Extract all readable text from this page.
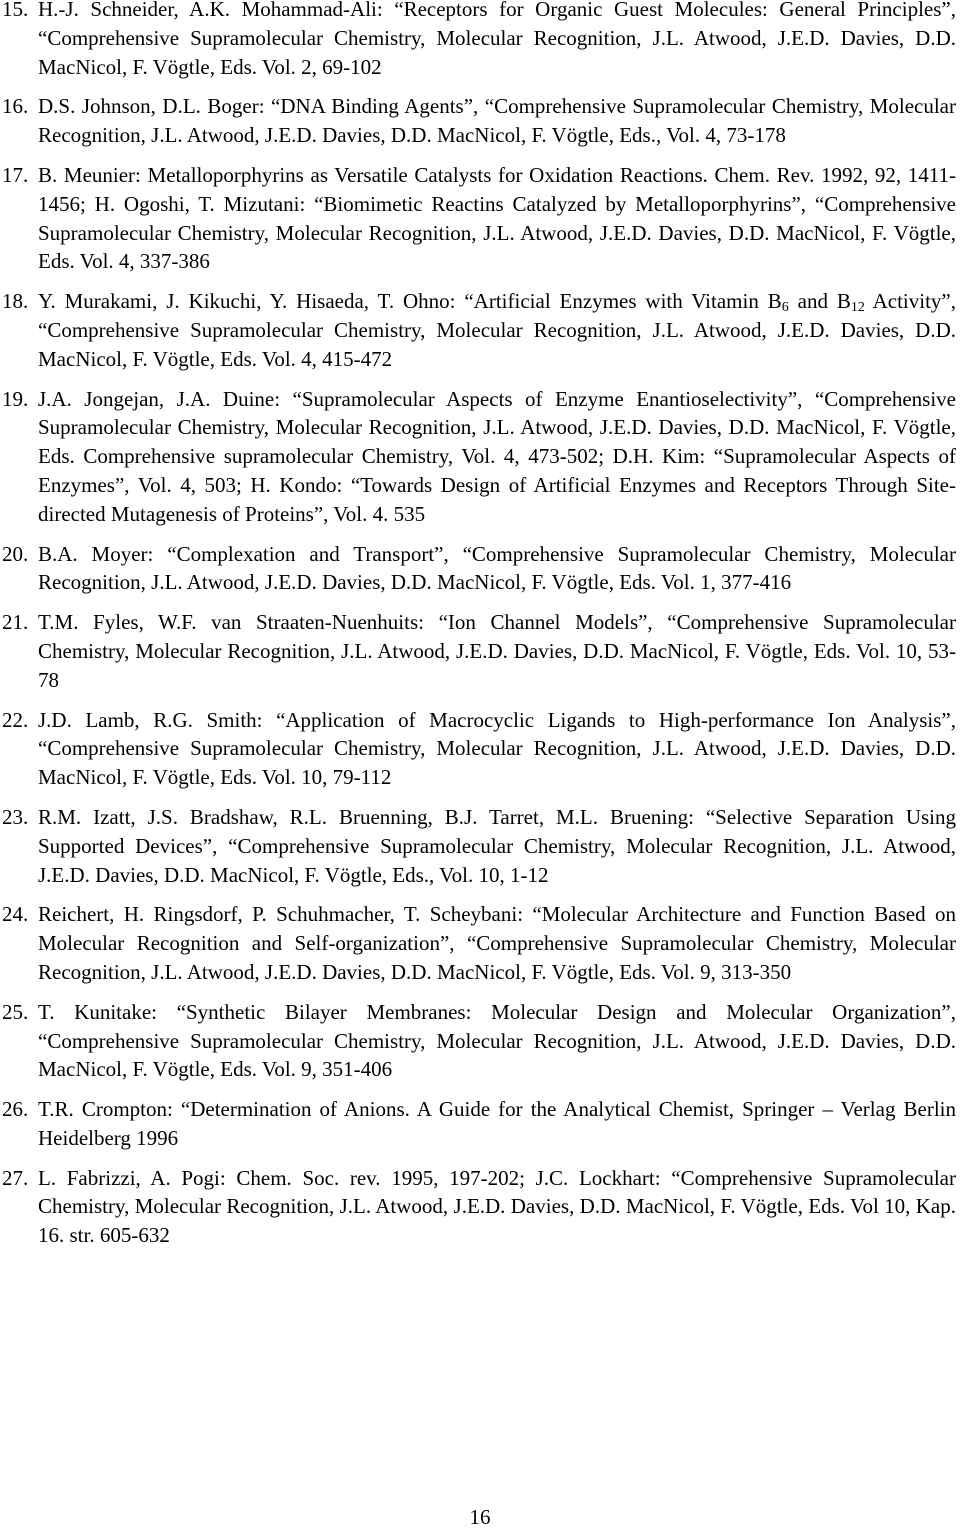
15. H.-J. Schneider, A.K. Mohammad-Ali: “Receptors for Organic Guest Molecules: General Principles”, “Comprehensive Supramolecular Chemistry, Molecular Recognition, J.L. Atwood, J.E.D. Davies, D.D. MacNicol, F. Vögtle, Eds. Vol. 2, 69-102
16. D.S. Johnson, D.L. Boger: “DNA Binding Agents”, “Comprehensive Supramolecular Chemistry, Molecular Recognition, J.L. Atwood, J.E.D. Davies, D.D. MacNicol, F. Vögtle, Eds., Vol. 4, 73-178
17. B. Meunier: Metalloporphyrins as Versatile Catalysts for Oxidation Reactions. Chem. Rev. 1992, 92, 1411-1456; H. Ogoshi, T. Mizutani: “Biomimetic Reactins Catalyzed by Metalloporphyrins”, “Comprehensive Supramolecular Chemistry, Molecular Recognition, J.L. Atwood, J.E.D. Davies, D.D. MacNicol, F. Vögtle, Eds. Vol. 4, 337-386
18. Y. Murakami, J. Kikuchi, Y. Hisaeda, T. Ohno: “Artificial Enzymes with Vitamin $B_6$ and $B_{12}$ Activity”, “Comprehensive Supramolecular Chemistry, Molecular Recognition, J.L. Atwood, J.E.D. Davies, D.D. MacNicol, F. Vögtle, Eds. Vol. 4, 415-472
19. J.A. Jongejan, J.A. Duine: “Supramolecular Aspects of Enzyme Enantioselectivity”, “Comprehensive Supramolecular Chemistry, Molecular Recognition, J.L. Atwood, J.E.D. Davies, D.D. MacNicol, F. Vögtle, Eds. Comprehensive supramolecular Chemistry, Vol. 4, 473-502; D.H. Kim: “Supramolecular Aspects of Enzymes”, Vol. 4, 503; H. Kondo: “Towards Design of Artificial Enzymes and Receptors Through Site-directed Mutagenesis of Proteins”, Vol. 4. 535
20. B.A. Moyer: “Complexation and Transport”, “Comprehensive Supramolecular Chemistry, Molecular Recognition, J.L. Atwood, J.E.D. Davies, D.D. MacNicol, F. Vögtle, Eds. Vol. 1, 377-416
21. T.M. Fyles, W.F. van Straaten-Nuenhuits: “Ion Channel Models”, “Comprehensive Supramolecular Chemistry, Molecular Recognition, J.L. Atwood, J.E.D. Davies, D.D. MacNicol, F. Vögtle, Eds. Vol. 10, 53-78
22. J.D. Lamb, R.G. Smith: “Application of Macrocyclic Ligands to High-performance Ion Analysis”, “Comprehensive Supramolecular Chemistry, Molecular Recognition, J.L. Atwood, J.E.D. Davies, D.D. MacNicol, F. Vögtle, Eds. Vol. 10, 79-112
23. R.M. Izatt, J.S. Bradshaw, R.L. Bruenning, B.J. Tarret, M.L. Bruening: “Selective Separation Using Supported Devices”, “Comprehensive Supramolecular Chemistry, Molecular Recognition, J.L. Atwood, J.E.D. Davies, D.D. MacNicol, F. Vögtle, Eds., Vol. 10, 1-12
24. Reichert, H. Ringsdorf, P. Schuhmacher, T. Scheybani: “Molecular Architecture and Function Based on Molecular Recognition and Self-organization”, “Comprehensive Supramolecular Chemistry, Molecular Recognition, J.L. Atwood, J.E.D. Davies, D.D. MacNicol, F. Vögtle, Eds. Vol. 9, 313-350
25. T. Kunitake: “Synthetic Bilayer Membranes: Molecular Design and Molecular Organization”, “Comprehensive Supramolecular Chemistry, Molecular Recognition, J.L. Atwood, J.E.D. Davies, D.D. MacNicol, F. Vögtle, Eds. Vol. 9, 351-406
26. T.R. Crompton: “Determination of Anions. A Guide for the Analytical Chemist, Springer – Verlag Berlin Heidelberg 1996
27. L. Fabrizzi, A. Pogi: Chem. Soc. rev. 1995, 197-202; J.C. Lockhart: “Comprehensive Supramolecular Chemistry, Molecular Recognition, J.L. Atwood, J.E.D. Davies, D.D. MacNicol, F. Vögtle, Eds. Vol 10, Kap. 16. str. 605-632
16
